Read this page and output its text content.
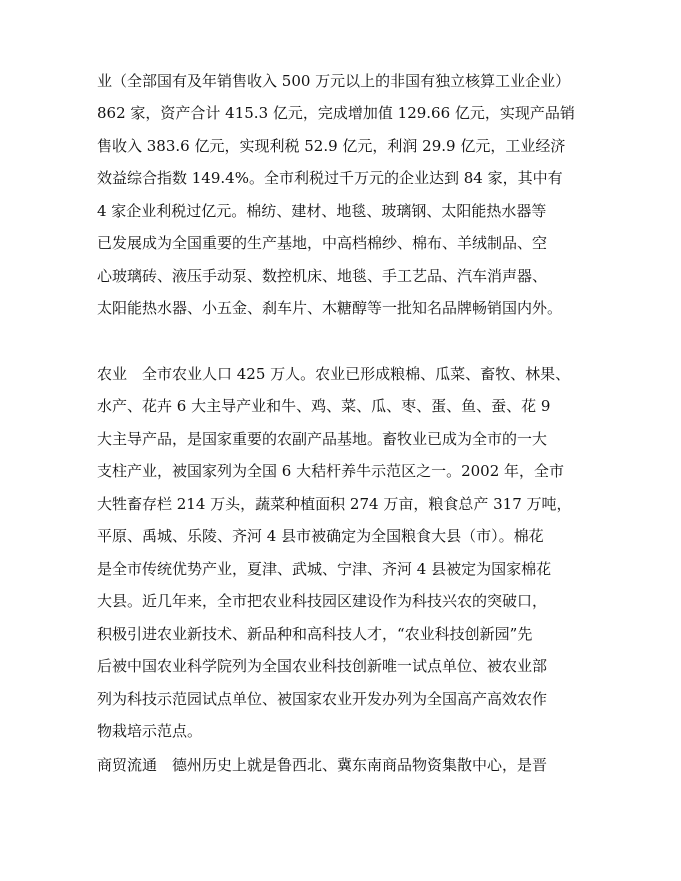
业（全部国有及年销售收入 500 万元以上的非国有独立核算工业企业）
862 家，资产合计 415.3 亿元，完成增加值 129.66 亿元，实现产品销
售收入 383.6 亿元，实现利税 52.9 亿元，利润 29.9 亿元，工业经济
效益综合指数 149.4%。全市利税过千万元的企业达到 84 家，其中有
4 家企业利税过亿元。棉纺、建材、地毯、玻璃钢、太阳能热水器等
已发展成为全国重要的生产基地，中高档棉纱、棉布、羊绒制品、空
心玻璃砖、液压手动泵、数控机床、地毯、手工艺品、汽车消声器、
太阳能热水器、小五金、刹车片、木糖醇等一批知名品牌畅销国内外。
农业　全市农业人口 425 万人。农业已形成粮棉、瓜菜、畜牧、林果、
水产、花卉 6 大主导产业和牛、鸡、菜、瓜、枣、蛋、鱼、蚕、花 9
大主导产品，是国家重要的农副产品基地。畜牧业已成为全市的一大
支柱产业，被国家列为全国 6 大秸杆养牛示范区之一。2002 年，全市
大牲畜存栏 214 万头，蔬菜种植面积 274 万亩，粮食总产 317 万吨，
平原、禹城、乐陵、齐河 4 县市被确定为全国粮食大县（市）。棉花
是全市传统优势产业，夏津、武城、宁津、齐河 4 县被定为国家棉花
大县。近几年来，全市把农业科技园区建设作为科技兴农的突破口，
积极引进农业新技术、新品种和高科技人才，“农业科技创新园”先
后被中国农业科学院列为全国农业科技创新唯一试点单位、被农业部
列为科技示范园试点单位、被国家农业开发办列为全国高产高效农作
物栽培示范点。
商贸流通　德州历史上就是鲁西北、冀东南商品物资集散中心，是晋
